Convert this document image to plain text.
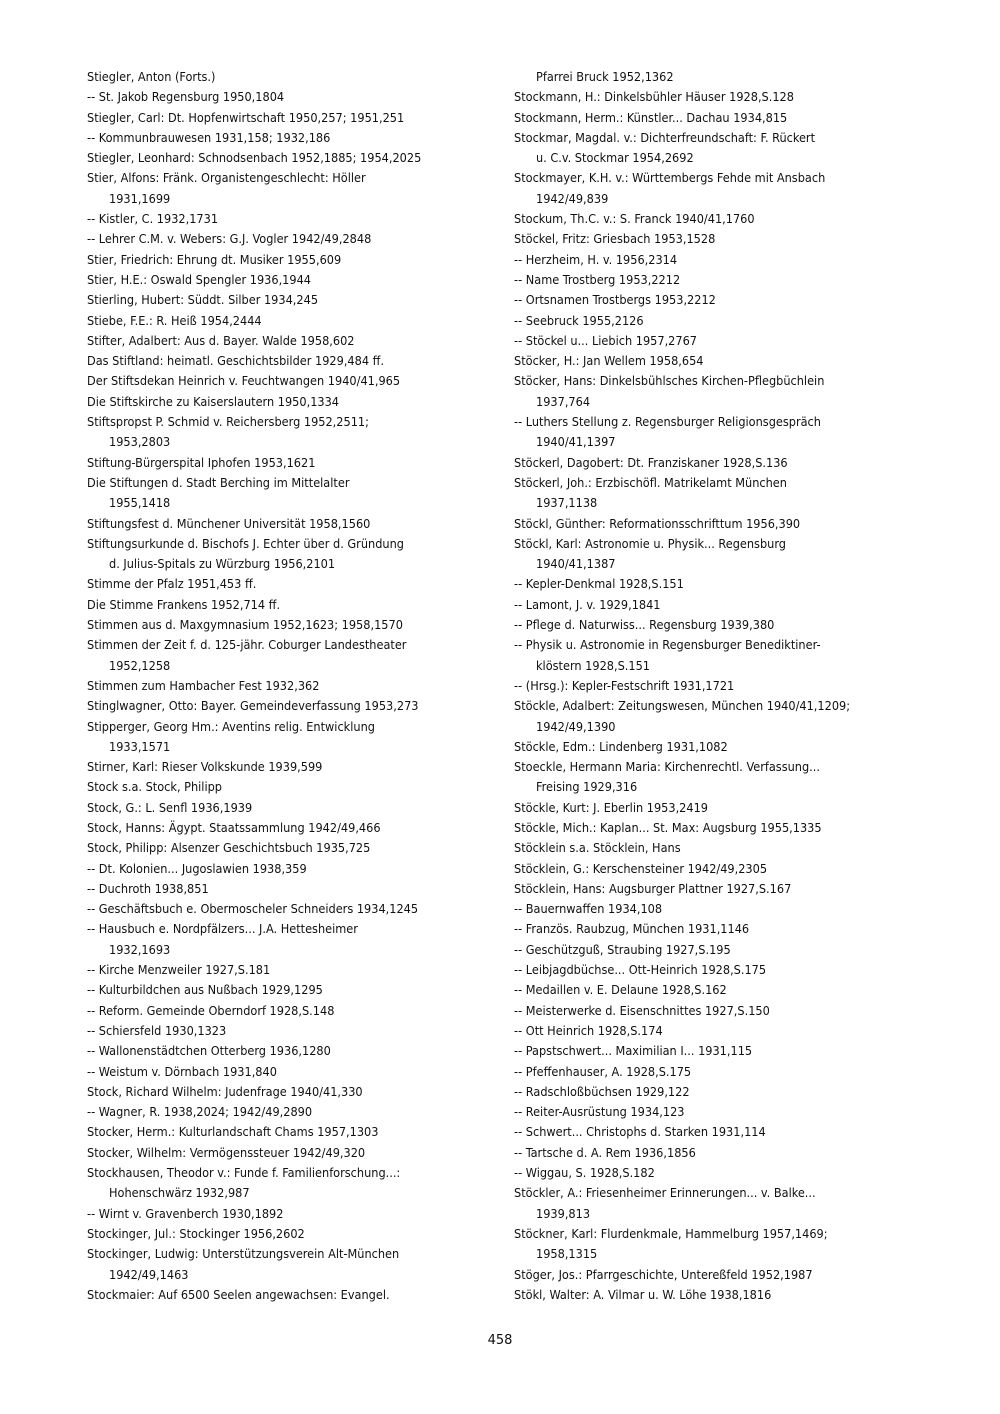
Stiegler, Anton (Forts.)
-- St. Jakob Regensburg 1950,1804
Stiegler, Carl: Dt. Hopfenwirtschaft 1950,257; 1951,251
-- Kommunbrauwesen 1931,158; 1932,186
Stiegler, Leonhard: Schnodsenbach 1952,1885; 1954,2025
Stier, Alfons: Fränk. Organistengeschlecht: Höller
1931,1699
-- Kistler, C. 1932,1731
-- Lehrer C.M. v. Webers: G.J. Vogler 1942/49,2848
Stier, Friedrich: Ehrung dt. Musiker 1955,609
Stier, H.E.: Oswald Spengler 1936,1944
Stierling, Hubert: Süddt. Silber 1934,245
Stiebe, F.E.: R. Heiß 1954,2444
Stifter, Adalbert: Aus d. Bayer. Walde 1958,602
Das Stiftland: heimatl. Geschichtsbilder 1929,484 ff.
Der Stiftsdekan Heinrich v. Feuchtwangen 1940/41,965
Die Stiftskirche zu Kaiserslautern 1950,1334
Stiftspropst P. Schmid v. Reichersberg 1952,2511;
1953,2803
Stiftung-Bürgerspital Iphofen 1953,1621
Die Stiftungen d. Stadt Berching im Mittelalter
1955,1418
Stiftungsfest d. Münchener Universität 1958,1560
Stiftungsurkunde d. Bischofs J. Echter über d. Gründung
d. Julius-Spitals zu Würzburg 1956,2101
Stimme der Pfalz 1951,453 ff.
Die Stimme Frankens 1952,714 ff.
Stimmen aus d. Maxgymnasium 1952,1623; 1958,1570
Stimmen der Zeit f. d. 125-jähr. Coburger Landestheater
1952,1258
Stimmen zum Hambacher Fest 1932,362
Stinglwagner, Otto: Bayer. Gemeindeverfassung 1953,273
Stipperger, Georg Hm.: Aventins relig. Entwicklung
1933,1571
Stirner, Karl: Rieser Volkskunde 1939,599
Stock s.a. Stock, Philipp
Stock, G.: L. Senfl 1936,1939
Stock, Hanns: Ägypt. Staatssammlung 1942/49,466
Stock, Philipp: Alsenzer Geschichtsbuch 1935,725
-- Dt. Kolonien... Jugoslawien 1938,359
-- Duchroth 1938,851
-- Geschäftsbuch e. Obermoscheler Schneiders 1934,1245
-- Hausbuch e. Nordpfälzers... J.A. Hettesheimer
1932,1693
-- Kirche Menzweiler 1927,S.181
-- Kulturbildchen aus Nußbach 1929,1295
-- Reform. Gemeinde Oberndorf 1928,S.148
-- Schiersfeld 1930,1323
-- Wallonenstädtchen Otterberg 1936,1280
-- Weistum v. Dörnbach 1931,840
Stock, Richard Wilhelm: Judenfrage 1940/41,330
-- Wagner, R. 1938,2024; 1942/49,2890
Stocker, Herm.: Kulturlandschaft Chams 1957,1303
Stocker, Wilhelm: Vermögenssteuer 1942/49,320
Stockhausen, Theodor v.: Funde f. Familienforschung...:
Hohenschwärz 1932,987
-- Wirnt v. Gravenberch 1930,1892
Stockinger, Jul.: Stockinger 1956,2602
Stockinger, Ludwig: Unterstützungsverein Alt-München
1942/49,1463
Stockmaier: Auf 6500 Seelen angewachsen: Evangel.
Pfarrei Bruck 1952,1362
Stockmann, H.: Dinkelsbühler Häuser 1928,S.128
Stockmann, Herm.: Künstler... Dachau 1934,815
Stockmar, Magdal. v.: Dichterfreundschaft: F. Rückert
u. C.v. Stockmar 1954,2692
Stockmayer, K.H. v.: Württembergs Fehde mit Ansbach
1942/49,839
Stockum, Th.C. v.: S. Franck 1940/41,1760
Stöckel, Fritz: Griesbach 1953,1528
-- Herzheim, H. v. 1956,2314
-- Name Trostberg 1953,2212
-- Ortsnamen Trostbergs 1953,2212
-- Seebruck 1955,2126
-- Stöckel u... Liebich 1957,2767
Stöcker, H.: Jan Wellem 1958,654
Stöcker, Hans: Dinkelsbühlsches Kirchen-Pflegbüchlein
1937,764
-- Luthers Stellung z. Regensburger Religionsgespräch
1940/41,1397
Stöckerl, Dagobert: Dt. Franziskaner 1928,S.136
Stöckerl, Joh.: Erzbischöfl. Matrikelamt München
1937,1138
Stöckl, Günther: Reformationsschrifttum 1956,390
Stöckl, Karl: Astronomie u. Physik... Regensburg
1940/41,1387
-- Kepler-Denkmal 1928,S.151
-- Lamont, J. v. 1929,1841
-- Pflege d. Naturwiss... Regensburg 1939,380
-- Physik u. Astronomie in Regensburger Benediktiner-
klöstern 1928,S.151
-- (Hrsg.): Kepler-Festschrift 1931,1721
Stöckle, Adalbert: Zeitungswesen, München 1940/41,1209;
1942/49,1390
Stöckle, Edm.: Lindenberg 1931,1082
Stoeckle, Hermann Maria: Kirchenrechtl. Verfassung...
Freising 1929,316
Stöckle, Kurt: J. Eberlin 1953,2419
Stöckle, Mich.: Kaplan... St. Max: Augsburg 1955,1335
Stöcklein s.a. Stöcklein, Hans
Stöcklein, G.: Kerschensteiner 1942/49,2305
Stöcklein, Hans: Augsburger Plattner 1927,S.167
-- Bauernwaffen 1934,108
-- Französ. Raubzug, München 1931,1146
-- Geschützguß, Straubing 1927,S.195
-- Leibjagdbüchse... Ott-Heinrich 1928,S.175
-- Medaillen v. E. Delaune 1928,S.162
-- Meisterwerke d. Eisenschnittes 1927,S.150
-- Ott Heinrich 1928,S.174
-- Papstschwert... Maximilian I... 1931,115
-- Pfeffenhauser, A. 1928,S.175
-- Radschloßbüchsen 1929,122
-- Reiter-Ausrüstung 1934,123
-- Schwert... Christophs d. Starken 1931,114
-- Tartsche d. A. Rem 1936,1856
-- Wiggau, S. 1928,S.182
Stöckler, A.: Friesenheimer Erinnerungen... v. Balke...
1939,813
Stöckner, Karl: Flurdenkmale, Hammelburg 1957,1469;
1958,1315
Stöger, Jos.: Pfarrgeschichte, Untereßfeld 1952,1987
Stökl, Walter: A. Vilmar u. W. Löhe 1938,1816
458
